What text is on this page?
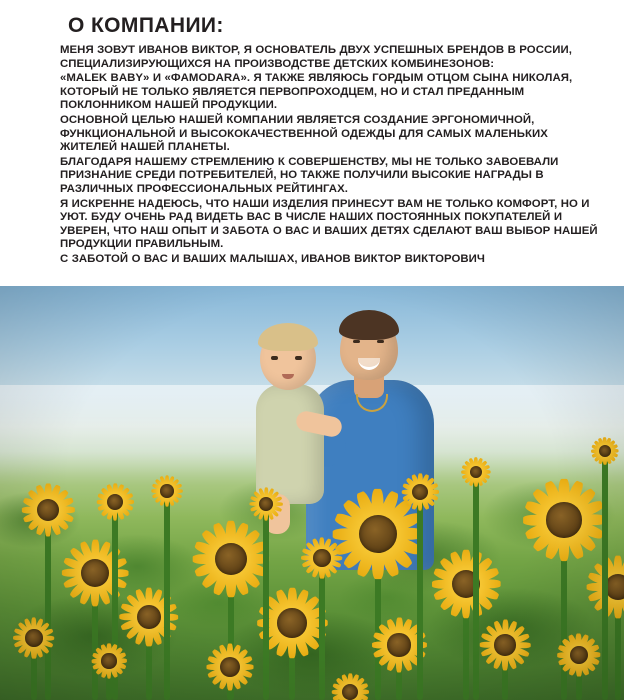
О КОМПАНИИ:

МЕНЯ ЗОВУТ ИВАНОВ ВИКТОР, Я ОСНОВАТЕЛЬ ДВУХ УСПЕШНЫХ БРЕНДОВ В РОССИИ, СПЕЦИАЛИЗИРУЮЩИХСЯ НА ПРОИЗВОДСТВЕ ДЕТСКИХ КОМБИНЕЗОНОВ:

«MALEK BABY» И «ФAMODARA». Я ТАКЖЕ ЯВЛЯЮСЬ ГОРДЫМ ОТЦОМ СЫНА НИКОЛАЯ, КОТОРЫЙ НЕ ТОЛЬКО ЯВЛЯЕТСЯ ПЕРВОПРОХОДЦЕМ, НО И СТАЛ ПРЕДАННЫМ ПОКЛОННИКОМ НАШЕЙ ПРОДУКЦИИ.

ОСНОВНОЙ ЦЕЛЬЮ НАШЕЙ КОМПАНИИ ЯВЛЯЕТСЯ СОЗДАНИЕ ЭРГОНОМИЧНОЙ, ФУНКЦИОНАЛЬНОЙ И ВЫСОКОКАЧЕСТВЕННОЙ ОДЕЖДЫ ДЛЯ САМЫХ МАЛЕНЬКИХ ЖИТЕЛЕЙ НАШЕЙ ПЛАНЕТЫ.

БЛАГОДАРЯ НАШЕМУ СТРЕМЛЕНИЮ К СОВЕРШЕНСТВУ, МЫ НЕ ТОЛЬКО ЗАВОЕВАЛИ ПРИЗНАНИЕ СРЕДИ ПОТРЕБИТЕЛЕЙ, НО ТАКЖЕ ПОЛУЧИЛИ ВЫСОКИЕ НАГРАДЫ В РАЗЛИЧНЫХ ПРОФЕССИОНАЛЬНЫХ РЕЙТИНГАХ.

Я ИСКРЕННЕ НАДЕЮСЬ, ЧТО НАШИ ИЗДЕЛИЯ ПРИНЕСУТ ВАМ НЕ ТОЛЬКО КОМФОРТ, НО И УЮТ. БУДУ ОЧЕНЬ РАД ВИДЕТЬ ВАС В ЧИСЛЕ НАШИХ ПОСТОЯННЫХ ПОКУПАТЕЛЕЙ И УВЕРЕН, ЧТО НАШ ОПЫТ И ЗАБОТА О ВАС И ВАШИХ ДЕТЯХ СДЕЛАЮТ ВАШ ВЫБОР НАШЕЙ ПРОДУКЦИИ ПРАВИЛЬНЫМ.

С ЗАБОТОЙ О ВАС И ВАШИХ МАЛЫШАХ, ИВАНОВ ВИКТОР ВИКТОРОВИЧ
